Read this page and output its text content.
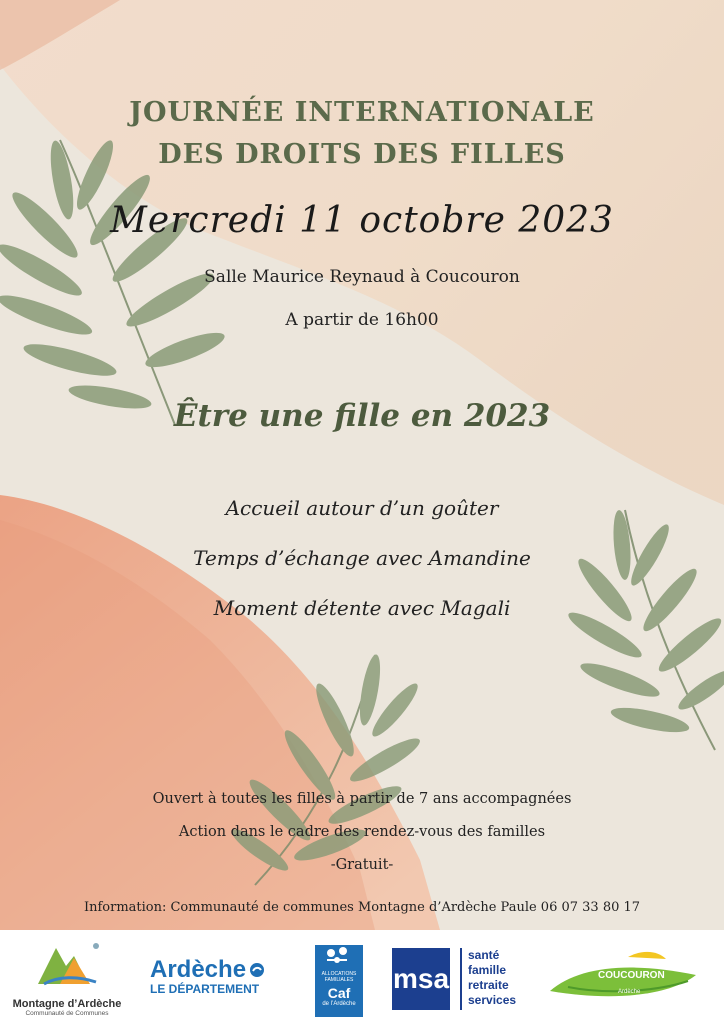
JOURNÉE INTERNATIONALE
DES DROITS DES FILLES
Mercredi 11 octobre 2023
Salle Maurice Reynaud à Coucouron
A partir de 16h00
Être une fille en 2023
Accueil autour d’un goûter
Temps d’échange avec Amandine
Moment détente avec Magali
Ouvert à toutes les filles à partir de 7 ans accompagnées
Action dans le cadre des rendez-vous des familles
-Gratuit-
Information: Communauté de communes Montagne d’Ardèche Paule 06 07 33 80 17
Montagne d’Ardèche
Communauté de Communes
Ardèche
LE DÉPARTEMENT
ALLOCATIONS FAMILIALES
Caf
de l’Ardèche
msa
santé
famille
retraite
services
COUCOURON
Ardèche
